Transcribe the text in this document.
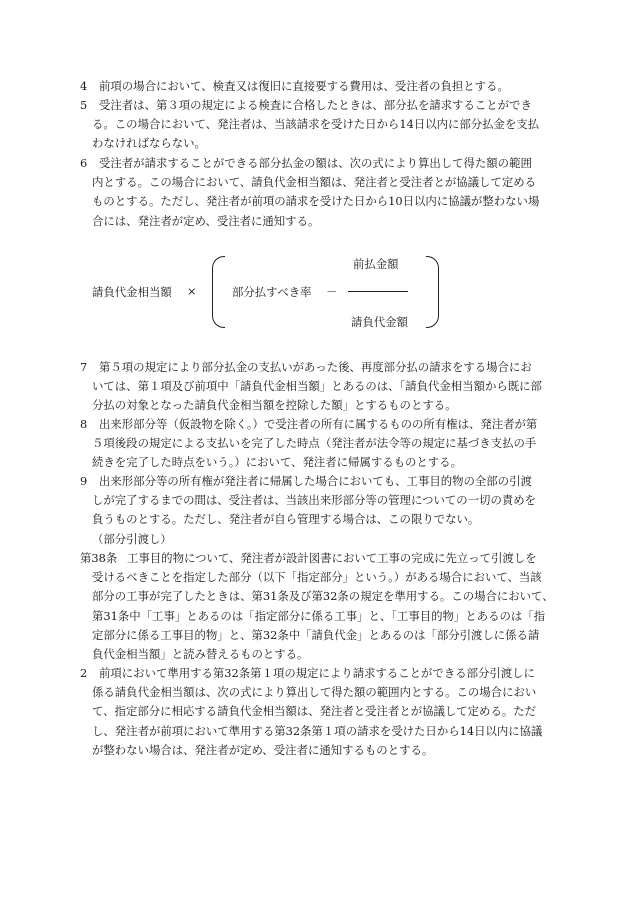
4	前項の場合において、検査又は復旧に直接要する費用は、受注者の負担とする。
5	受注者は、第３項の規定による検査に合格したときは、部分払を請求することができ
る。この場合において、発注者は、当該請求を受けた日から14日以内に部分払金を支払
わなければならない。
6	受注者が請求することができる部分払金の額は、次の式により算出して得た額の範囲
内とする。この場合において、請負代金相当額は、発注者と受注者とが協議して定める
ものとする。ただし、発注者が前項の請求を受けた日から10日以内に協議が整わない場
合には、発注者が定め、受注者に通知する。
請負代金相当額 ×	部分払すべき率 －
前払金額
請負代金額
7	第５項の規定により部分払金の支払いがあった後、再度部分払の請求をする場合にお
いては、第１項及び前項中「請負代金相当額」とあるのは、「請負代金相当額から既に部
分払の対象となった請負代金相当額を控除した額」とするものとする。
8	出来形部分等（仮設物を除く。）で受注者の所有に属するものの所有権は、発注者が第
５項後段の規定による支払いを完了した時点（発注者が法令等の規定に基づき支払の手
続きを完了した時点をいう。）において、発注者に帰属するものとする。
9	出来形部分等の所有権が発注者に帰属した場合においても、工事目的物の全部の引渡
しが完了するまでの間は、受注者は、当該出来形部分等の管理についての一切の責めを
負うものとする。ただし、発注者が自ら管理する場合は、この限りでない。
（部分引渡し）
第38条 工事目的物について、発注者が設計図書において工事の完成に先立って引渡しを
受けるべきことを指定した部分（以下「指定部分」という。）がある場合において、当該
部分の工事が完了したときは、第31条及び第32条の規定を準用する。この場合において、
第31条中「工事」とあるのは「指定部分に係る工事」と、「工事目的物」とあるのは「指
定部分に係る工事目的物」と、第32条中「請負代金」とあるのは「部分引渡しに係る請
負代金相当額」と読み替えるものとする。
2	前項において準用する第32条第１項の規定により請求することができる部分引渡しに
係る請負代金相当額は、次の式により算出して得た額の範囲内とする。この場合におい
て、指定部分に相応する請負代金相当額は、発注者と受注者とが協議して定める。ただ
し、発注者が前項において準用する第32条第１項の請求を受けた日から14日以内に協議
が整わない場合は、発注者が定め、受注者に通知するものとする。
